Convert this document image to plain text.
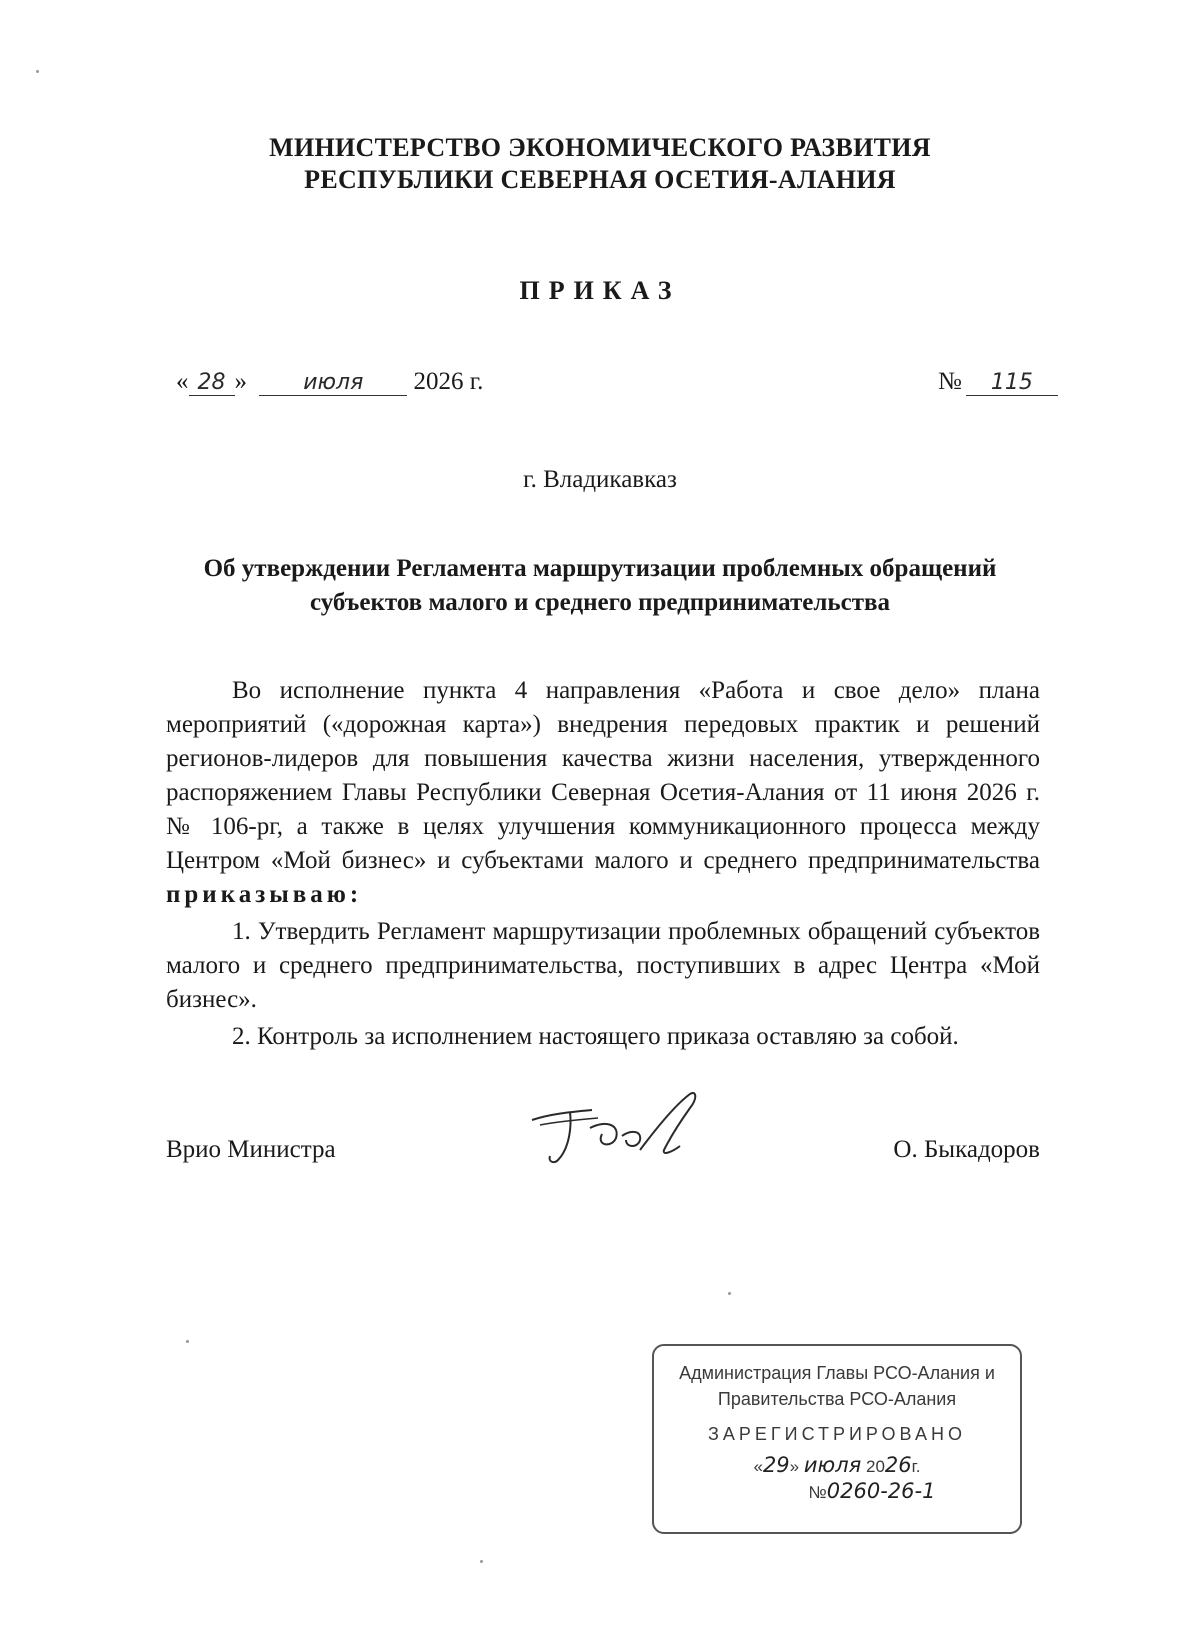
МИНИСТЕРСТВО ЭКОНОМИЧЕСКОГО РАЗВИТИЯ
РЕСПУБЛИКИ СЕВЕРНАЯ ОСЕТИЯ-АЛАНИЯ
ПРИКАЗ
« 28 »	июля 2026 г.	№ 115
г. Владикавказ
Об утверждении Регламента маршрутизации проблемных обращений
субъектов малого и среднего предпринимательства

Во исполнение пункта 4 направления «Работа и свое дело» плана мероприятий («дорожная карта») внедрения передовых практик и решений регионов-лидеров для повышения качества жизни населения, утвержденного распоряжением Главы Республики Северная Осетия-Алания от 11 июня 2026 г. № 106-рг, а также в целях улучшения коммуникационного процесса между Центром «Мой бизнес» и субъектами малого и среднего предпринимательства приказываю:

1. Утвердить Регламент маршрутизации проблемных обращений субъектов малого и среднего предпринимательства, поступивших в адрес Центра «Мой бизнес».

2. Контроль за исполнением настоящего приказа оставляю за собой.

Врио Министра	О. Быкадоров
Администрация Главы РСО-Алания и
Правительства РСО-Алания
ЗАРЕГИСТРИРОВАНО
«29» июля 2026г.
№0260-26-1
